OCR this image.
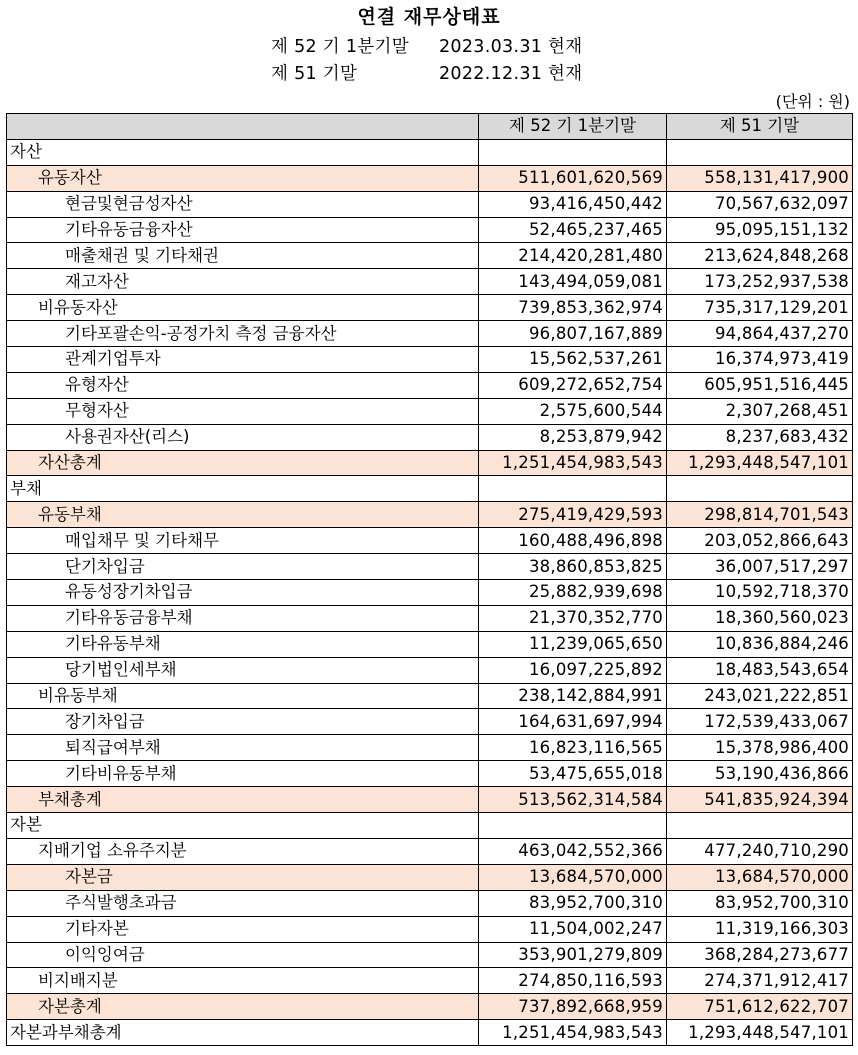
연결 재무상태표
제 52 기 1분기말 2023.03.31 현재
제 51 기말	2022.12.31 현재
(단위 : 원)
	제 52 기 1분기말	제 51 기말
자산		
유동자산	511,601,620,569	558,131,417,900
현금및현금성자산	93,416,450,442	70,567,632,097
기타유동금융자산	52,465,237,465	95,095,151,132
매출채권 및 기타채권	214,420,281,480	213,624,848,268
재고자산	143,494,059,081	173,252,937,538
비유동자산	739,853,362,974	735,317,129,201
기타포괄손익-공정가치 측정 금융자산	96,807,167,889	94,864,437,270
관계기업투자	15,562,537,261	16,374,973,419
유형자산	609,272,652,754	605,951,516,445
무형자산	2,575,600,544	2,307,268,451
사용권자산(리스)	8,253,879,942	8,237,683,432
자산총계	1,251,454,983,543	1,293,448,547,101
부채		
유동부채	275,419,429,593	298,814,701,543
매입채무 및 기타채무	160,488,496,898	203,052,866,643
단기차입금	38,860,853,825	36,007,517,297
유동성장기차입금	25,882,939,698	10,592,718,370
기타유동금융부채	21,370,352,770	18,360,560,023
기타유동부채	11,239,065,650	10,836,884,246
당기법인세부채	16,097,225,892	18,483,543,654
비유동부채	238,142,884,991	243,021,222,851
장기차입금	164,631,697,994	172,539,433,067
퇴직급여부채	16,823,116,565	15,378,986,400
기타비유동부채	53,475,655,018	53,190,436,866
부채총계	513,562,314,584	541,835,924,394
자본		
지배기업 소유주지분	463,042,552,366	477,240,710,290
자본금	13,684,570,000	13,684,570,000
주식발행초과금	83,952,700,310	83,952,700,310
기타자본	11,504,002,247	11,319,166,303
이익잉여금	353,901,279,809	368,284,273,677
비지배지분	274,850,116,593	274,371,912,417
자본총계	737,892,668,959	751,612,622,707
자본과부채총계	1,251,454,983,543	1,293,448,547,101
